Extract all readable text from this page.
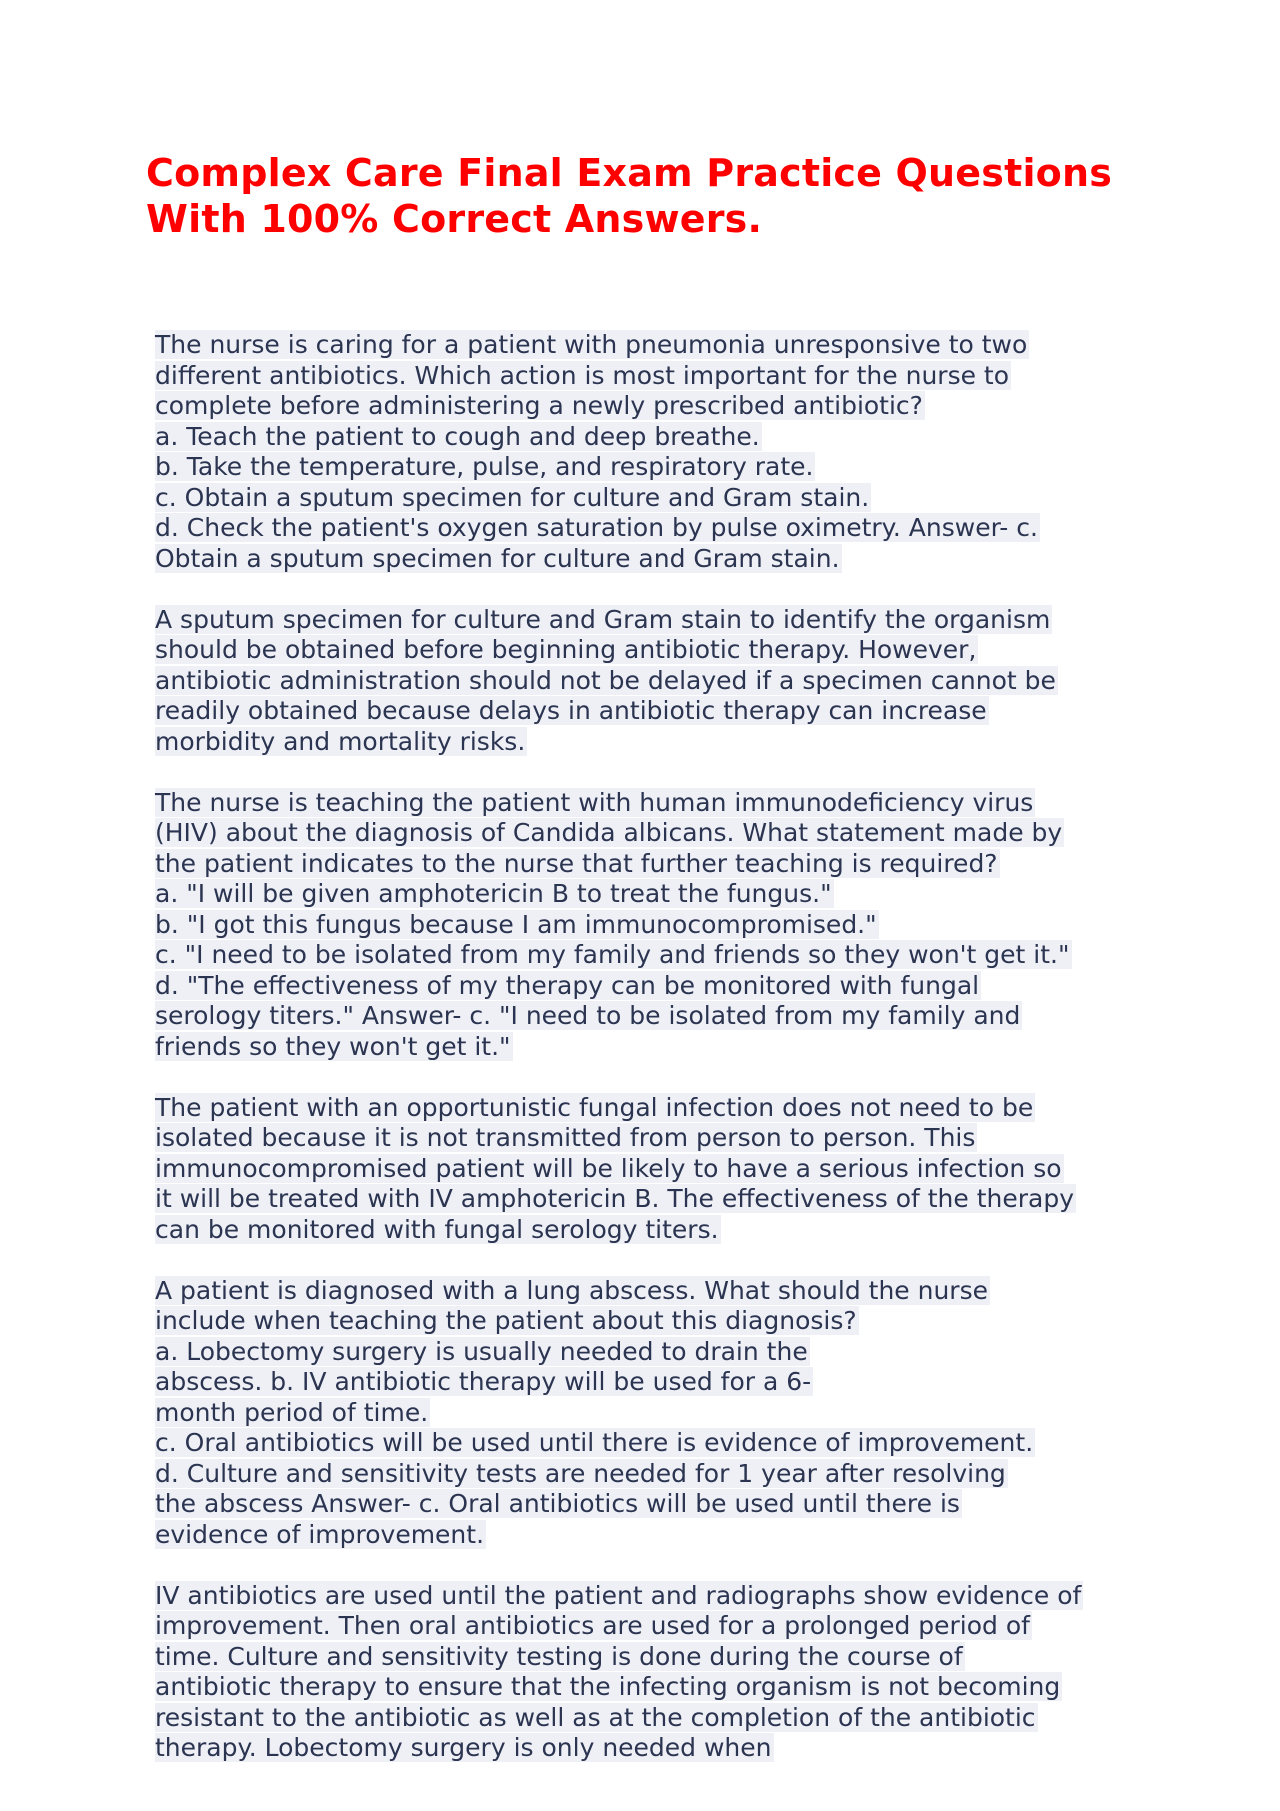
Complex Care Final Exam Practice Questions
With 100% Correct Answers.
The nurse is caring for a patient with pneumonia unresponsive to two
different antibiotics. Which action is most important for the nurse to
complete before administering a newly prescribed antibiotic?
a. Teach the patient to cough and deep breathe.
b. Take the temperature, pulse, and respiratory rate.
c. Obtain a sputum specimen for culture and Gram stain.
d. Check the patient's oxygen saturation by pulse oximetry. Answer- c.
Obtain a sputum specimen for culture and Gram stain.
A sputum specimen for culture and Gram stain to identify the organism
should be obtained before beginning antibiotic therapy. However,
antibiotic administration should not be delayed if a specimen cannot be
readily obtained because delays in antibiotic therapy can increase
morbidity and mortality risks.
The nurse is teaching the patient with human immunodeficiency virus
(HIV) about the diagnosis of Candida albicans. What statement made by
the patient indicates to the nurse that further teaching is required?
a. "I will be given amphotericin B to treat the fungus."
b. "I got this fungus because I am immunocompromised."
c. "I need to be isolated from my family and friends so they won't get it."
d. "The effectiveness of my therapy can be monitored with fungal
serology titers." Answer- c. "I need to be isolated from my family and
friends so they won't get it."
The patient with an opportunistic fungal infection does not need to be
isolated because it is not transmitted from person to person. This
immunocompromised patient will be likely to have a serious infection so
it will be treated with IV amphotericin B. The effectiveness of the therapy
can be monitored with fungal serology titers.
A patient is diagnosed with a lung abscess. What should the nurse
include when teaching the patient about this diagnosis?
a. Lobectomy surgery is usually needed to drain the
abscess. b. IV antibiotic therapy will be used for a 6-
month period of time.
c. Oral antibiotics will be used until there is evidence of improvement.
d. Culture and sensitivity tests are needed for 1 year after resolving
the abscess Answer- c. Oral antibiotics will be used until there is
evidence of improvement.
IV antibiotics are used until the patient and radiographs show evidence of
improvement. Then oral antibiotics are used for a prolonged period of
time. Culture and sensitivity testing is done during the course of
antibiotic therapy to ensure that the infecting organism is not becoming
resistant to the antibiotic as well as at the completion of the antibiotic
therapy. Lobectomy surgery is only needed when
